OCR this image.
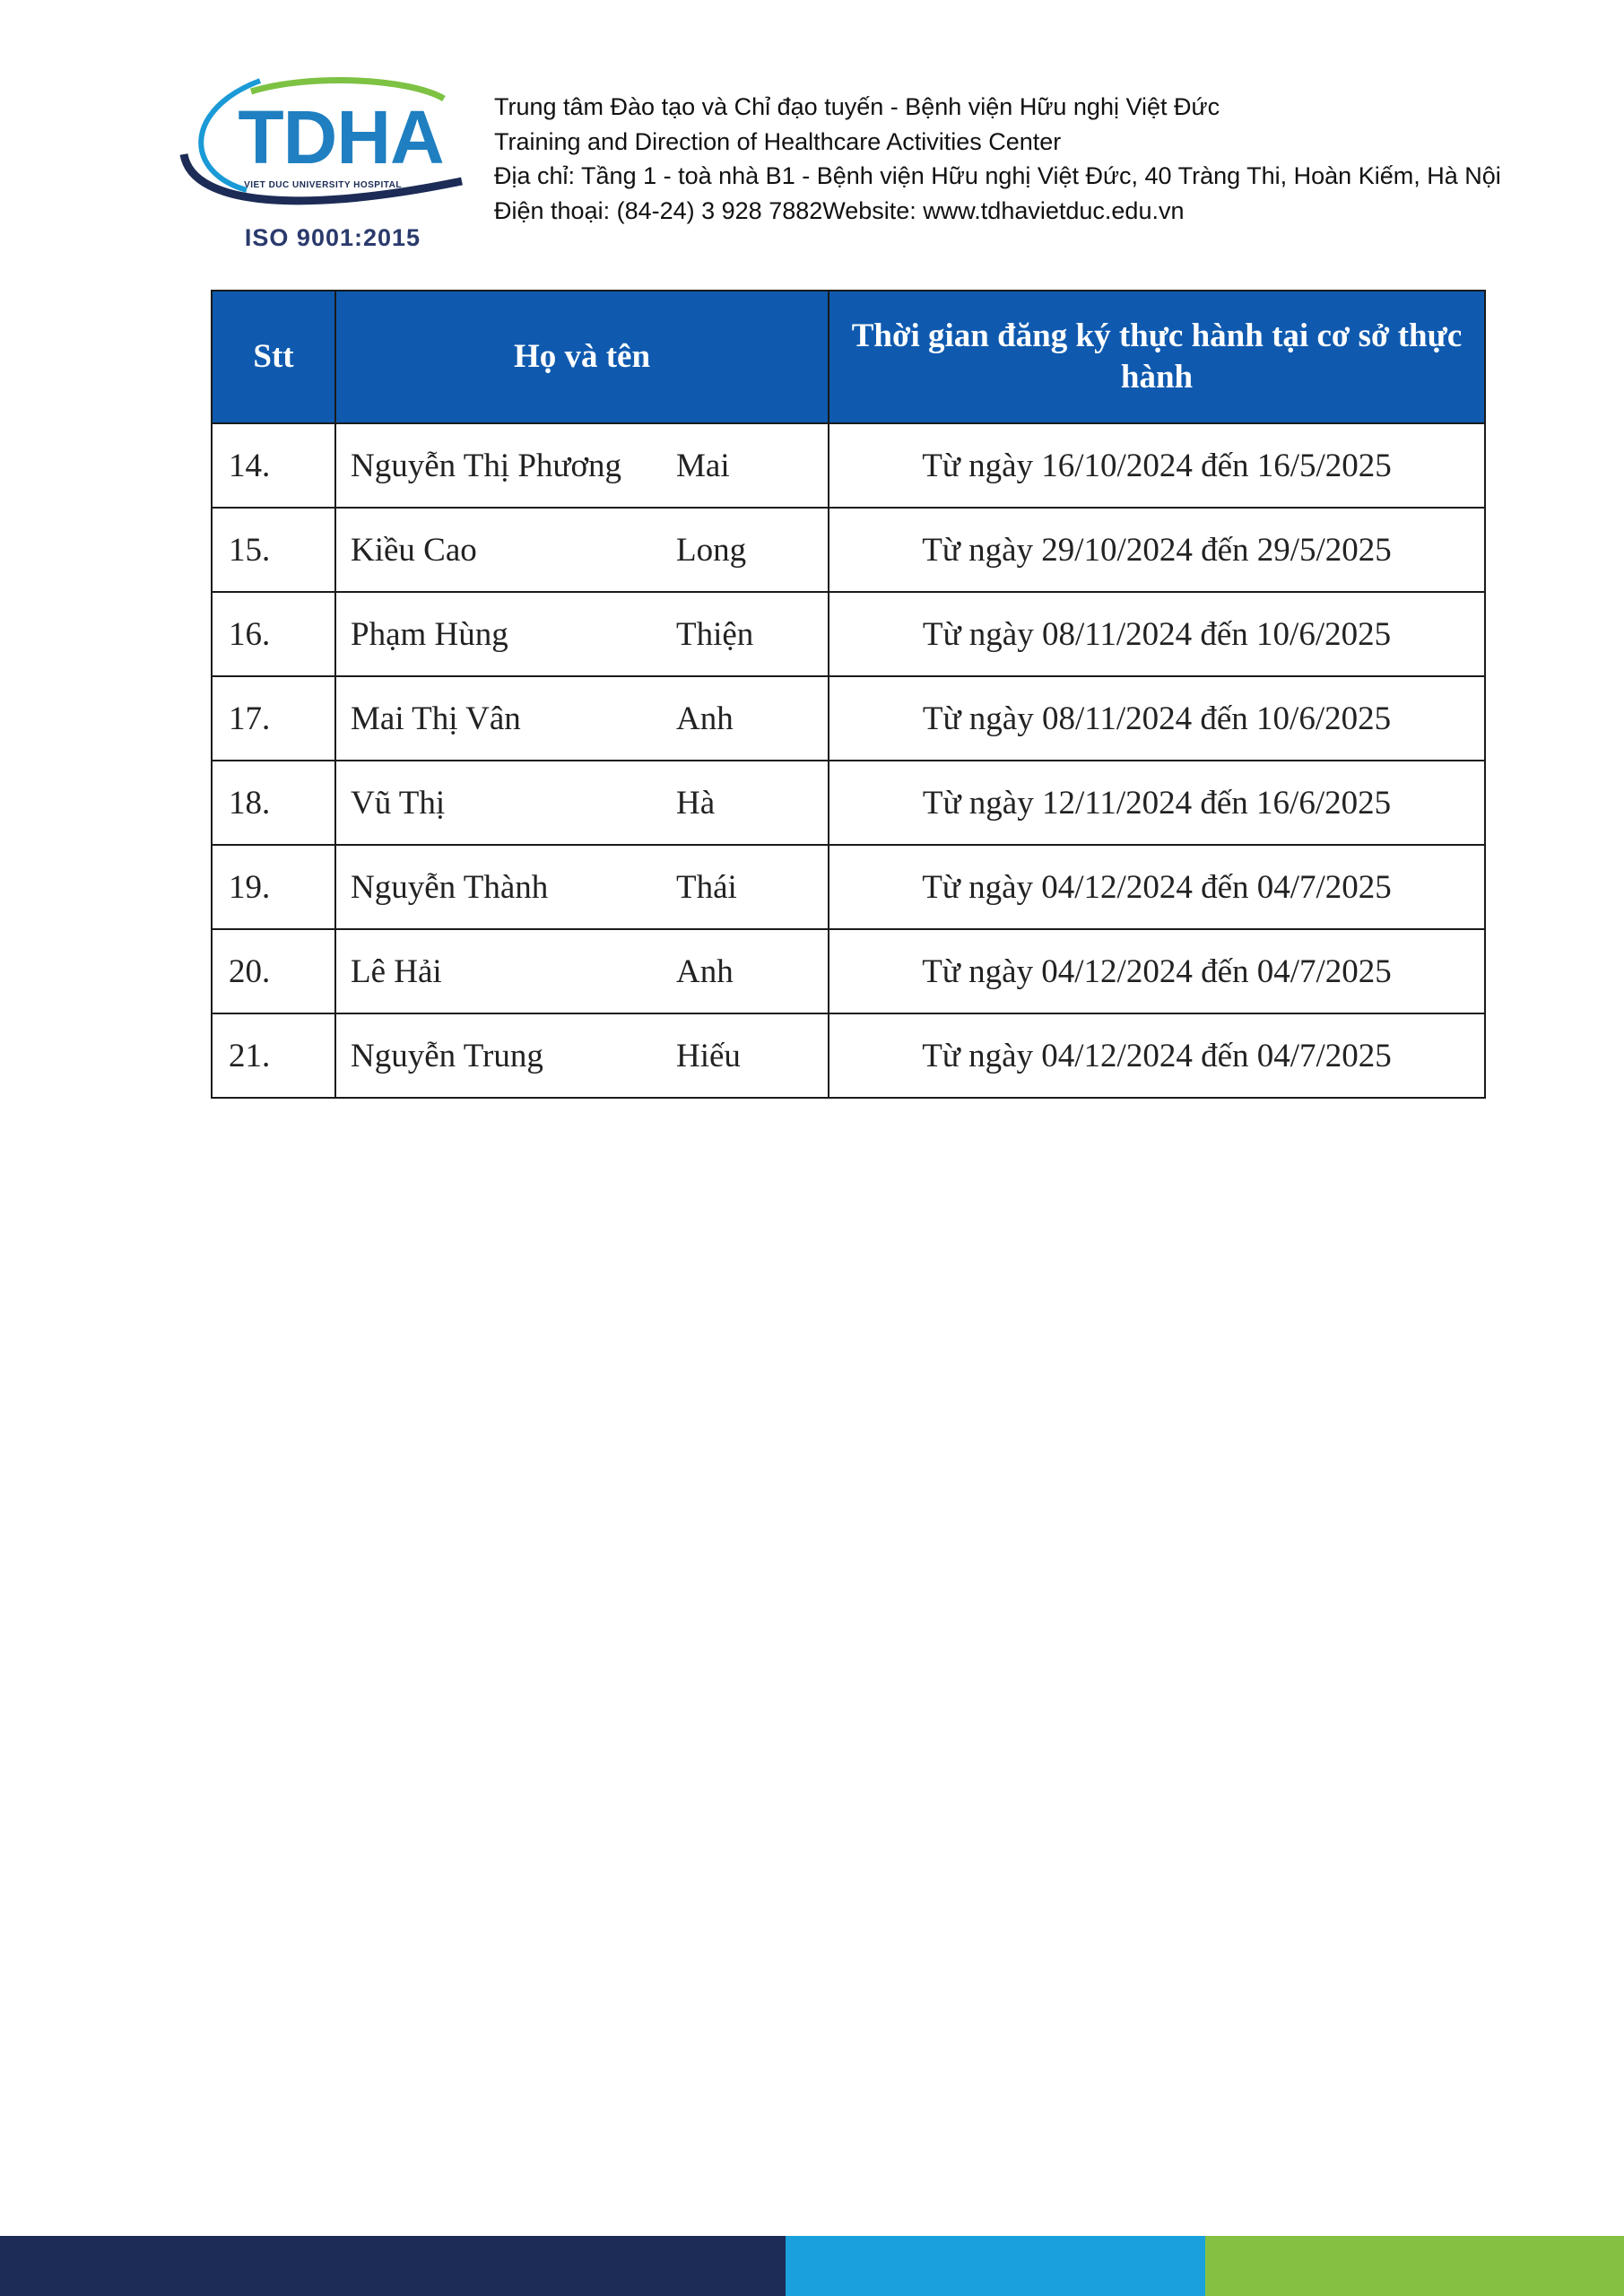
TDHA
VIET DUC UNIVERSITY HOSPITAL
ISO 9001:2015
Trung tâm Đào tạo và Chỉ đạo tuyến - Bệnh viện Hữu nghị Việt Đức
Training and Direction of Healthcare Activities Center
Địa chỉ: Tầng 1 - toà nhà B1 - Bệnh viện Hữu nghị Việt Đức, 40 Tràng Thi, Hoàn Kiếm, Hà Nội
Điện thoại: (84-24) 3 928 7882Website: www.tdhavietduc.edu.vn
Stt	Họ và tên	Thời gian đăng ký thực hành tại cơ sở thực hành
14.	Nguyễn Thị Phương Mai	Từ ngày 16/10/2024 đến 16/5/2025
15.	Kiều Cao Long	Từ ngày 29/10/2024 đến 29/5/2025
16.	Phạm Hùng Thiện	Từ ngày 08/11/2024 đến 10/6/2025
17.	Mai Thị Vân Anh	Từ ngày 08/11/2024 đến 10/6/2025
18.	Vũ Thị Hà	Từ ngày 12/11/2024 đến 16/6/2025
19.	Nguyễn Thành Thái	Từ ngày 04/12/2024 đến 04/7/2025
20.	Lê Hải Anh	Từ ngày 04/12/2024 đến 04/7/2025
21.	Nguyễn Trung Hiếu	Từ ngày 04/12/2024 đến 04/7/2025
